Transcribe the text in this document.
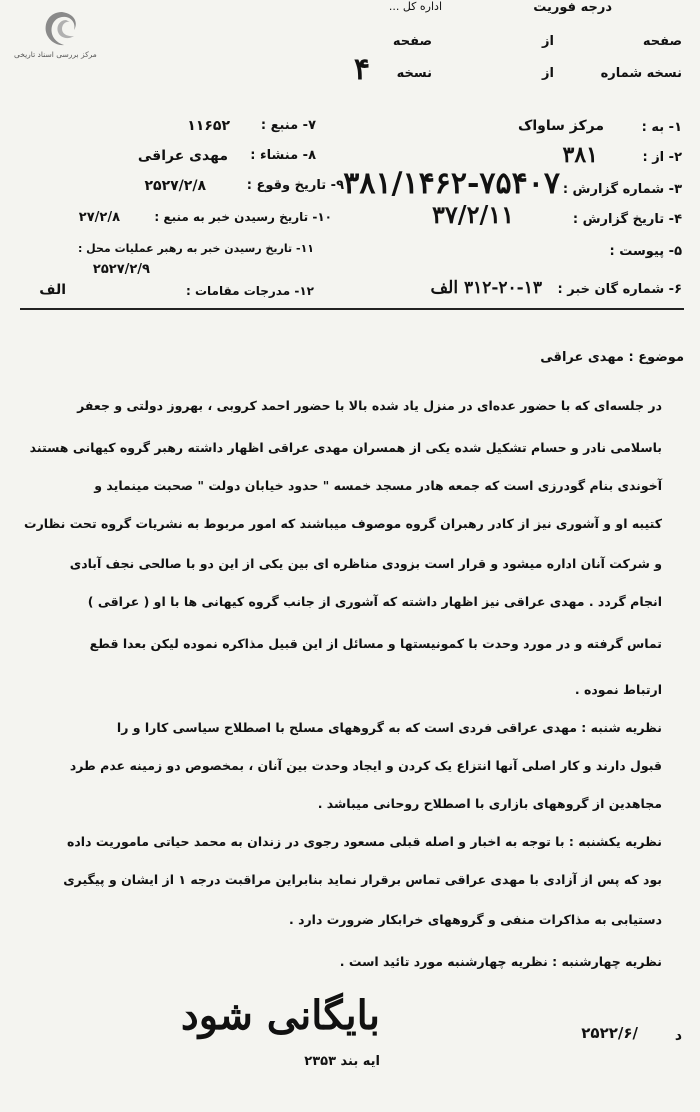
مرکز بررسی اسناد تاریخی
درجه فوریت
اداره کل ...
صفحه
از
صفحه
نسخه شماره
از
نسخه
۴
۱- به :
مرکز ساواک
۲- از :
۳۸۱
۳- شماره گزارش :
۳۸۱/۱۴۶۲-۷۵۴۰۷
۴- تاریخ گزارش :
۳۷/۲/۱۱
۵- پیوست :
۶- شماره گان خبر :
۳۱۲-۲۰-۱۳ الف
۷- منبع :
۱۱۶۵۲
۸- منشاء :
مهدی عراقی
۹- تاریخ وقوع :
۲۵۲۷/۲/۸
۱۰- تاریخ رسیدن خبر به منبع :
۲۷/۲/۸
۱۱- تاریخ رسیدن خبر به رهبر عملیات محل :
۲۵۲۷/۲/۹
۱۲- مدرجات مقامات :
الف
موضوع : مهدی عراقی
در جلسه‌ای که با حضور عده‌ای در منزل یاد شده بالا با حضور احمد کروبی ، بهروز دولتی و جعفر
باسلامی نادر و حسام تشکیل شده یکی از همسران مهدی عراقی اظهار داشته رهبر گروه کیهانی هستند
آخوندی بنام گودرزی است که جمعه هادر مسجد خمسه " حدود خیابان دولت " صحبت مینماید و
کتیبه او و آشوری نیز از کادر رهبران گروه موصوف میباشند که امور مربوط به نشریات گروه تحت نظارت
و شرکت آنان اداره میشود و قرار است بزودی مناظره ای بین یکی از این دو با صالحی نجف آبادی
انجام گردد . مهدی عراقی نیز اظهار داشته که آشوری از جانب گروه کیهانی ها با او ( عراقی )
تماس گرفته و در مورد وحدت با کمونیستها و مسائل از این قبیل مذاکره نموده لیکن بعدا قطع
ارتباط نموده .
نظریه شنبه : مهدی عراقی فردی است که به گروههای مسلح با اصطلاح سیاسی کارا و را
قبول دارند و کار اصلی آنها انتزاع یک کردن و ایجاد وحدت بین آنان ، بمخصوص دو زمینه عدم طرد
مجاهدین از گروههای بازاری با اصطلاح روحانی میباشد .
نظریه یکشنبه : با توجه به اخبار و اصله قبلی مسعود رجوی در زندان به محمد حیاتی ماموریت داده
بود که پس از آزادی با مهدی عراقی تماس برقرار نماید بنابراین مراقبت درجه ۱ از ایشان و پیگیری
دستیابی به مذاکرات منفی و گروههای خرابکار ضرورت دارد .
نظریه چهارشنبه : نظریه چهارشنبه مورد تائید است .
بایگانی شود	۲۵۲۲/۶/	د
ایه بند ۲۳۵۳
